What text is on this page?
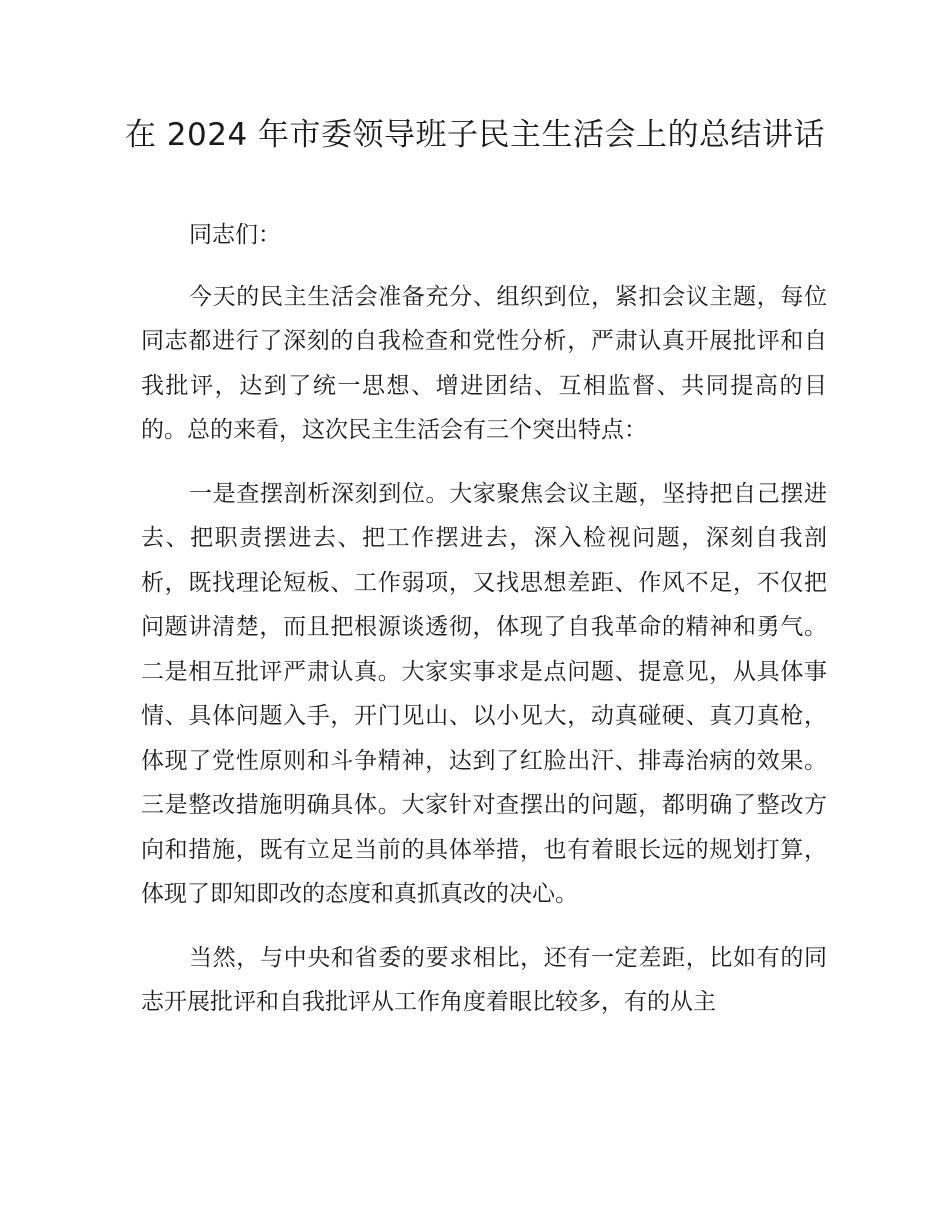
在 2024 年市委领导班子民主生活会上的总结讲话

同志们：

今天的民主生活会准备充分、组织到位，紧扣会议主题，每位同志都进行了深刻的自我检查和党性分析，严肃认真开展批评和自我批评，达到了统一思想、增进团结、互相监督、共同提高的目的。总的来看，这次民主生活会有三个突出特点：

一是查摆剖析深刻到位。大家聚焦会议主题，坚持把自己摆进去、把职责摆进去、把工作摆进去，深入检视问题，深刻自我剖析，既找理论短板、工作弱项，又找思想差距、作风不足，不仅把问题讲清楚，而且把根源谈透彻，体现了自我革命的精神和勇气。二是相互批评严肃认真。大家实事求是点问题、提意见，从具体事情、具体问题入手，开门见山、以小见大，动真碰硬、真刀真枪，体现了党性原则和斗争精神，达到了红脸出汗、排毒治病的效果。三是整改措施明确具体。大家针对查摆出的问题，都明确了整改方向和措施，既有立足当前的具体举措，也有着眼长远的规划打算，体现了即知即改的态度和真抓真改的决心。

当然，与中央和省委的要求相比，还有一定差距，比如有的同志开展批评和自我批评从工作角度着眼比较多，有的从主
